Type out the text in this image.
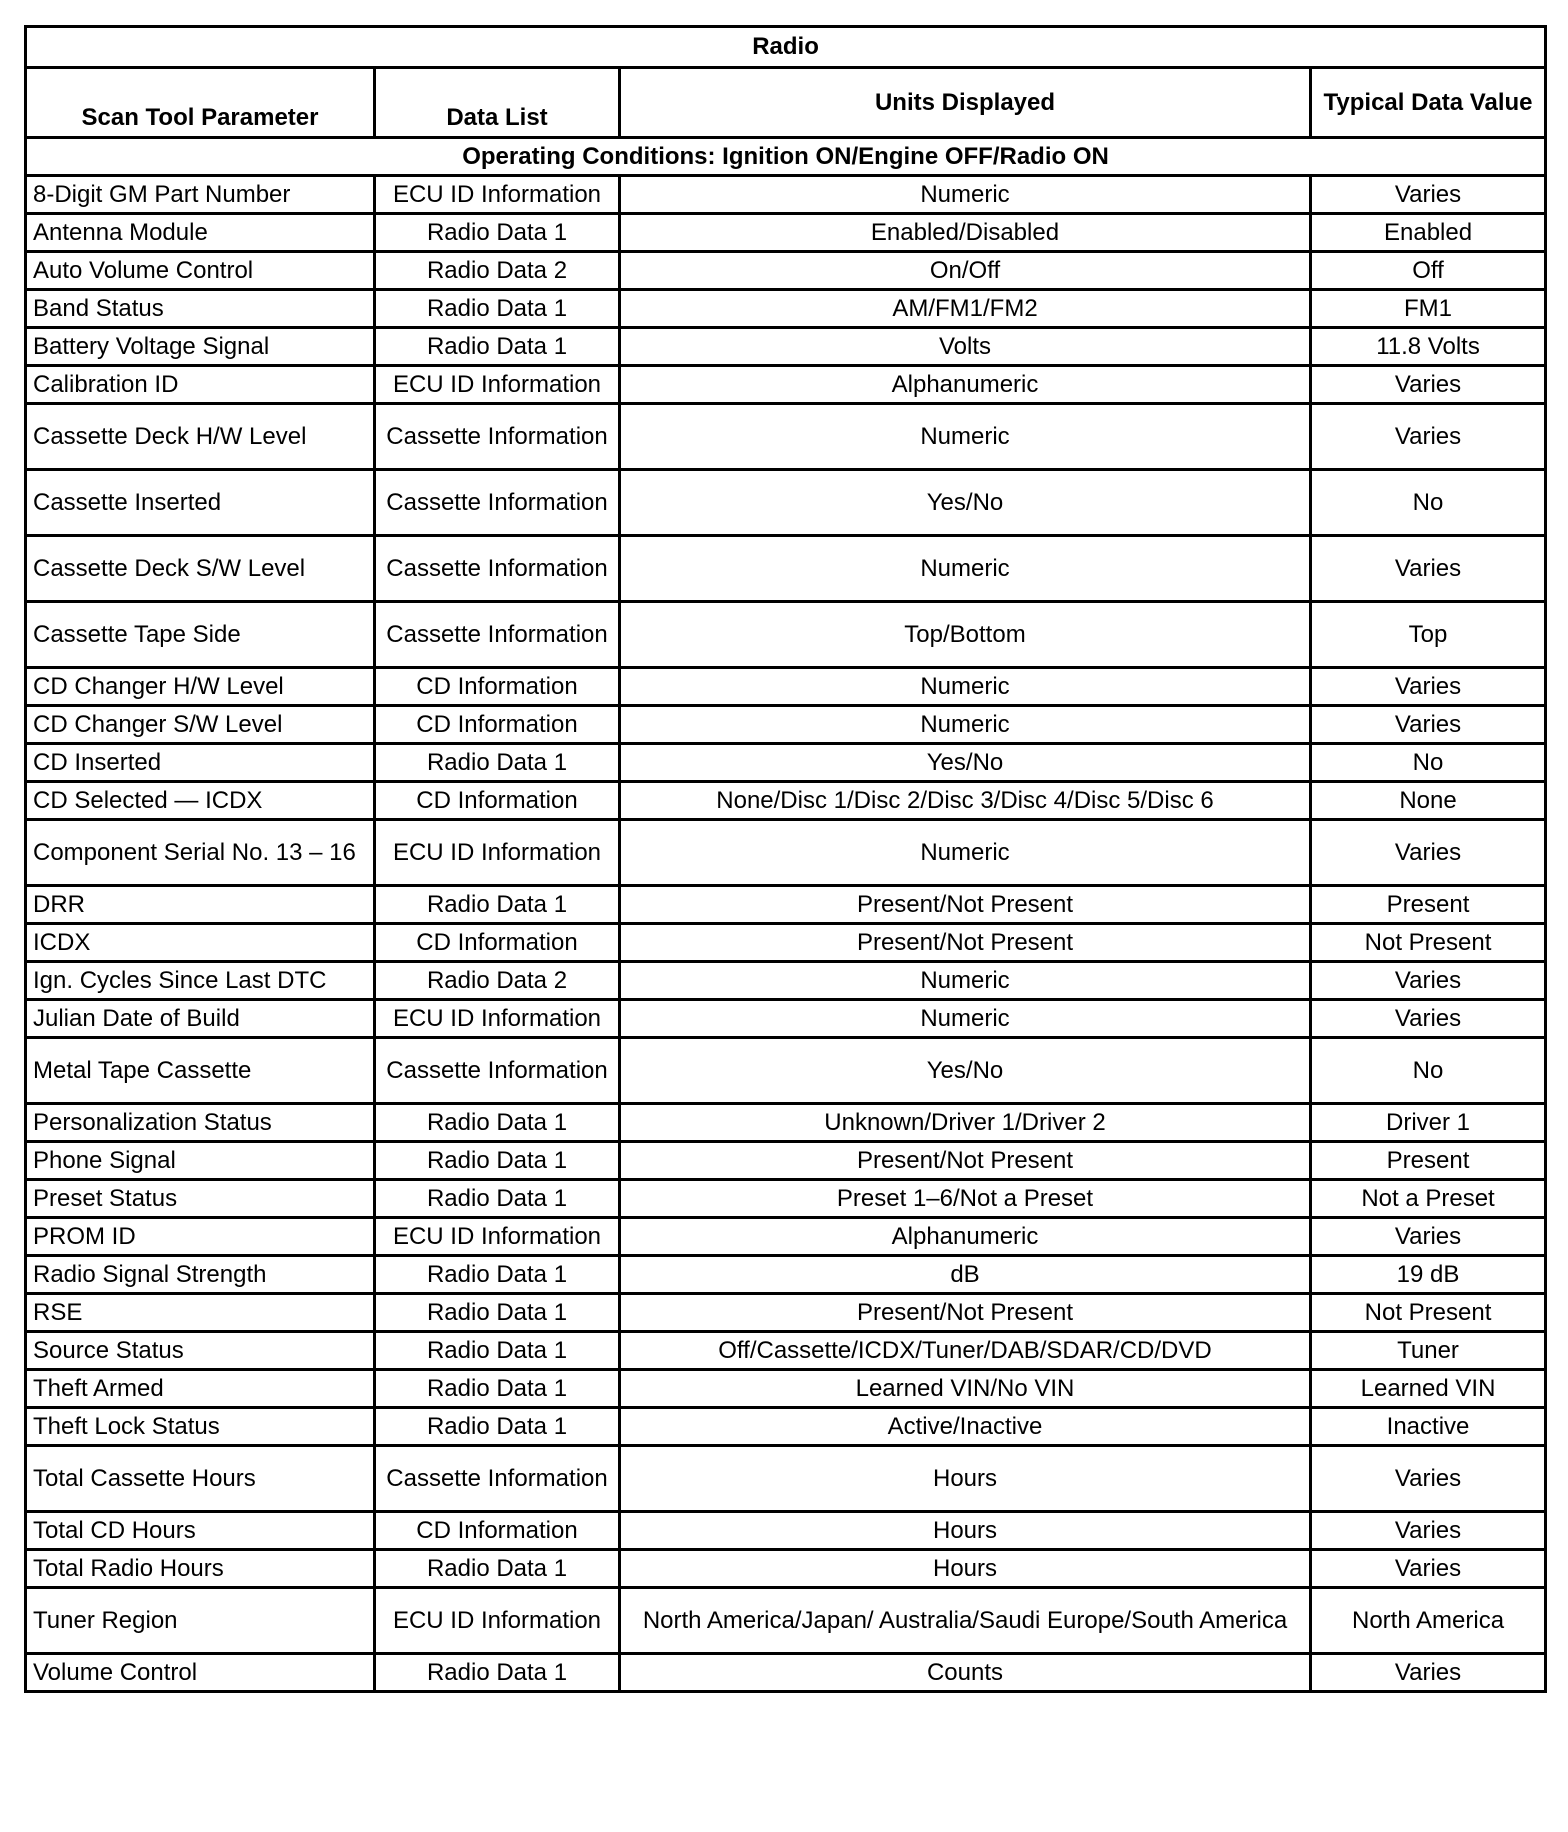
Radio			
Scan Tool Parameter	Data List	Units Displayed	Typical Data Value
Operating Conditions: Ignition ON/Engine OFF/Radio ON			
8-Digit GM Part Number	ECU ID Information	Numeric	Varies
Antenna Module	Radio Data 1	Enabled/Disabled	Enabled
Auto Volume Control	Radio Data 2	On/Off	Off
Band Status	Radio Data 1	AM/FM1/FM2	FM1
Battery Voltage Signal	Radio Data 1	Volts	11.8 Volts
Calibration ID	ECU ID Information	Alphanumeric	Varies
Cassette Deck H/W Level	Cassette Information	Numeric	Varies
Cassette Inserted	Cassette Information	Yes/No	No
Cassette Deck S/W Level	Cassette Information	Numeric	Varies
Cassette Tape Side	Cassette Information	Top/Bottom	Top
CD Changer H/W Level	CD Information	Numeric	Varies
CD Changer S/W Level	CD Information	Numeric	Varies
CD Inserted	Radio Data 1	Yes/No	No
CD Selected — ICDX	CD Information	None/Disc 1/Disc 2/Disc 3/Disc 4/Disc 5/Disc 6	None
Component Serial No. 13 – 16	ECU ID Information	Numeric	Varies
DRR	Radio Data 1	Present/Not Present	Present
ICDX	CD Information	Present/Not Present	Not Present
Ign. Cycles Since Last DTC	Radio Data 2	Numeric	Varies
Julian Date of Build	ECU ID Information	Numeric	Varies
Metal Tape Cassette	Cassette Information	Yes/No	No
Personalization Status	Radio Data 1	Unknown/Driver 1/Driver 2	Driver 1
Phone Signal	Radio Data 1	Present/Not Present	Present
Preset Status	Radio Data 1	Preset 1–6/Not a Preset	Not a Preset
PROM ID	ECU ID Information	Alphanumeric	Varies
Radio Signal Strength	Radio Data 1	dB	19 dB
RSE	Radio Data 1	Present/Not Present	Not Present
Source Status	Radio Data 1	Off/Cassette/ICDX/Tuner/DAB/SDAR/CD/DVD	Tuner
Theft Armed	Radio Data 1	Learned VIN/No VIN	Learned VIN
Theft Lock Status	Radio Data 1	Active/Inactive	Inactive
Total Cassette Hours	Cassette Information	Hours	Varies
Total CD Hours	CD Information	Hours	Varies
Total Radio Hours	Radio Data 1	Hours	Varies
Tuner Region	ECU ID Information	North America/Japan/ Australia/Saudi Europe/South America	North America
Volume Control	Radio Data 1	Counts	Varies
